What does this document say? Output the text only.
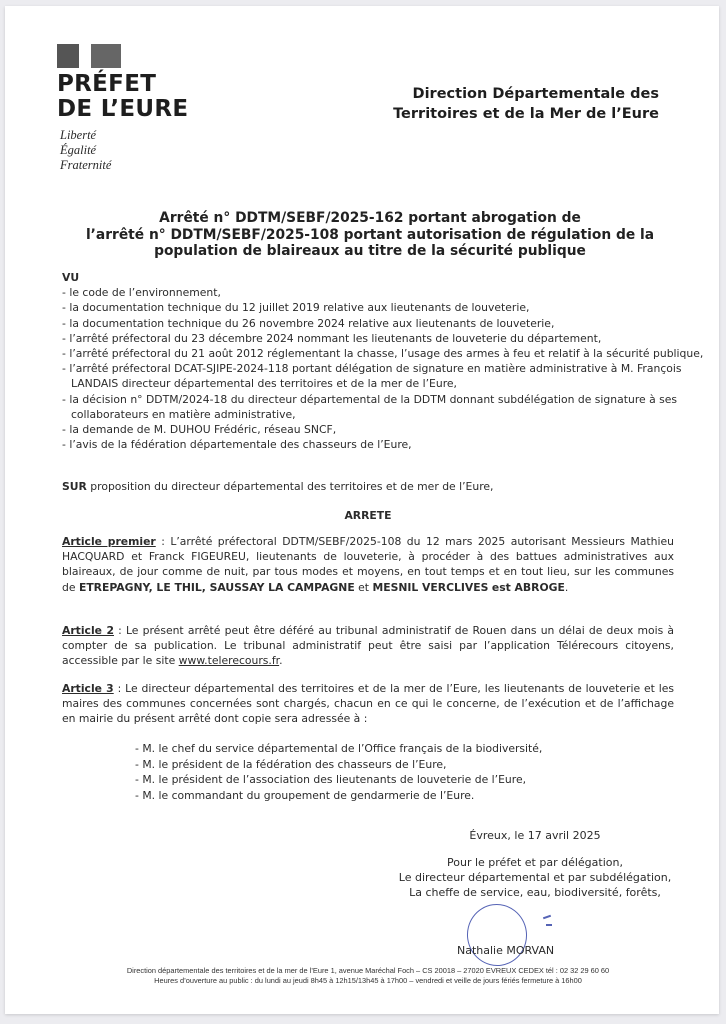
PRÉFET
DE L’EURE
Liberté
Égalité
Fraternité
Direction Départementale des
Territoires et de la Mer de l’Eure
Arrêté n° DDTM/SEBF/2025-162 portant abrogation de
l’arrêté n° DDTM/SEBF/2025-108 portant autorisation de régulation de la
population de blaireaux au titre de la sécurité publique
VU
- le code de l’environnement,
- la documentation technique du 12 juillet 2019 relative aux lieutenants de louveterie,
- la documentation technique du 26 novembre 2024 relative aux lieutenants de louveterie,
- l’arrêté préfectoral du 23 décembre 2024 nommant les lieutenants de louveterie du département,
- l’arrêté préfectoral du 21 août 2012 réglementant la chasse, l’usage des armes à feu et relatif à la sécurité publique,
- l’arrêté préfectoral DCAT-SJIPE-2024-118 portant délégation de signature en matière administrative à M. François LANDAIS directeur départemental des territoires et de la mer de l’Eure,
- la décision n° DDTM/2024-18 du directeur départemental de la DDTM donnant subdélégation de signature à ses collaborateurs en matière administrative,
- la demande de M. DUHOU Frédéric, réseau SNCF,
- l’avis de la fédération départementale des chasseurs de l’Eure,
SUR proposition du directeur départemental des territoires et de mer de l’Eure,
ARRETE
Article premier : L’arrêté préfectoral DDTM/SEBF/2025-108 du 12 mars 2025 autorisant Messieurs Mathieu HACQUARD et Franck FIGEUREU, lieutenants de louveterie, à procéder à des battues administratives aux blaireaux, de jour comme de nuit, par tous modes et moyens, en tout temps et en tout lieu, sur les communes de ETREPAGNY, LE THIL, SAUSSAY LA CAMPAGNE et MESNIL VERCLIVES est ABROGE.
Article 2 : Le présent arrêté peut être déféré au tribunal administratif de Rouen dans un délai de deux mois à compter de sa publication. Le tribunal administratif peut être saisi par l’application Télérecours citoyens, accessible par le site www.telerecours.fr.
Article 3 : Le directeur départemental des territoires et de la mer de l’Eure, les lieutenants de louveterie et les maires des communes concernées sont chargés, chacun en ce qui le concerne, de l’exécution et de l’affichage en mairie du présent arrêté dont copie sera adressée à :
- M. le chef du service départemental de l’Office français de la biodiversité,
- M. le président de la fédération des chasseurs de l’Eure,
- M. le président de l’association des lieutenants de louveterie de l’Eure,
- M. le commandant du groupement de gendarmerie de l’Eure.
Évreux, le 17 avril 2025
Pour le préfet et par délégation,
Le directeur départemental et par subdélégation,
La cheffe de service, eau, biodiversité, forêts,
Nathalie MORVAN
Direction départementale des territoires et de la mer de l’Eure 1, avenue Maréchal Foch – CS 20018 – 27020 EVREUX CEDEX tél : 02 32 29 60 60
Heures d’ouverture au public : du lundi au jeudi 8h45 à 12h15/13h45 à 17h00 – vendredi et veille de jours fériés fermeture à 16h00
